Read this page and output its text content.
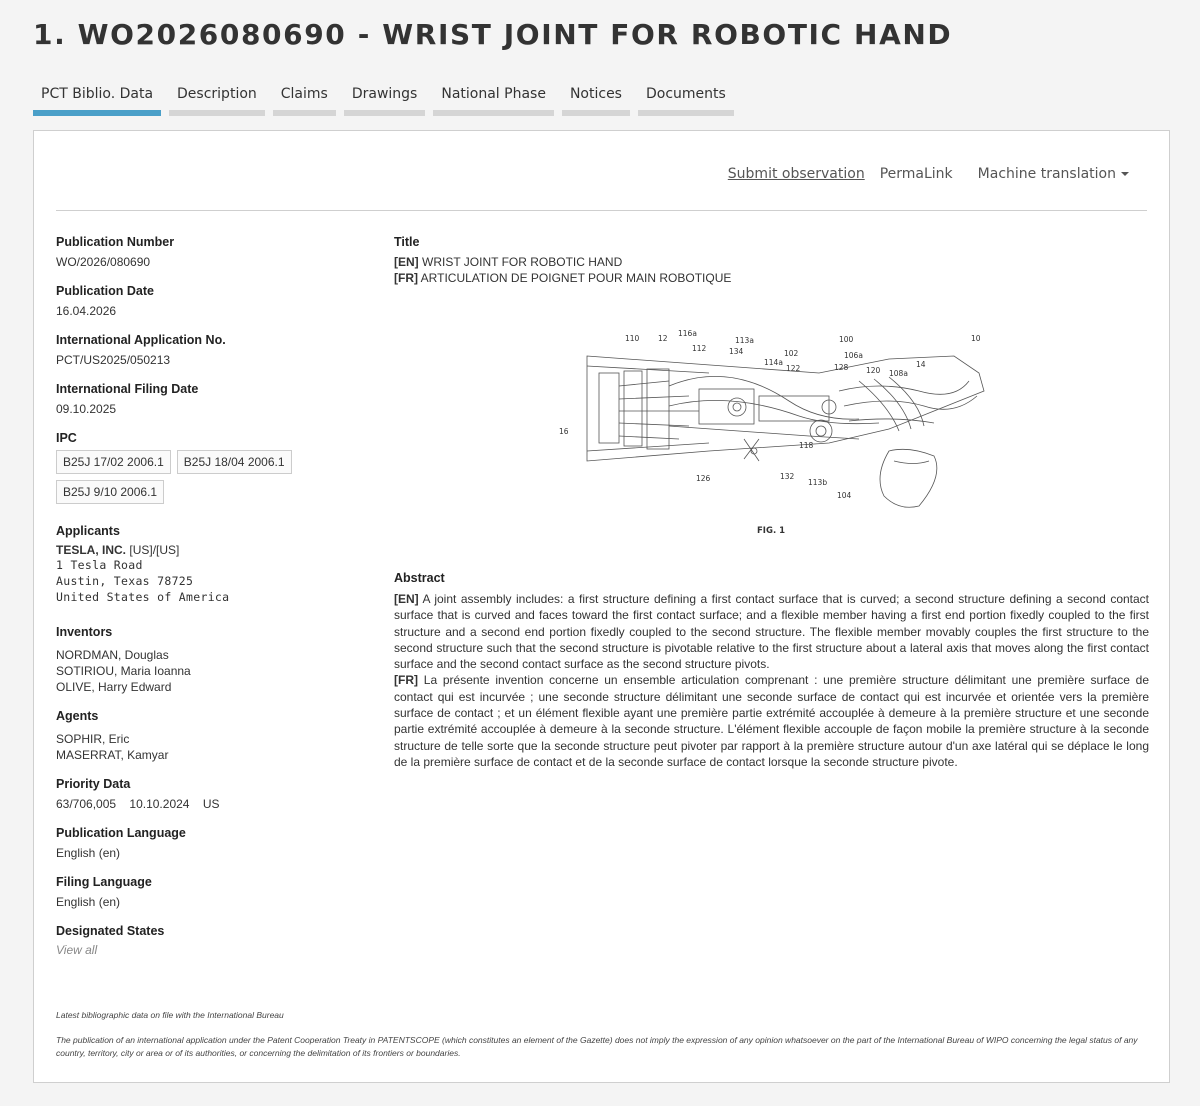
1. WO2026080690 - WRIST JOINT FOR ROBOTIC HAND
PCT Biblio. Data	Description	Claims	Drawings	National Phase	Notices	Documents
Submit observation PermaLink Machine translation
Publication Number
WO/2026/080690
Publication Date
16.04.2026
International Application No.
PCT/US2025/050213
International Filing Date
09.10.2025
IPC
B25J 17/02 2006.1	B25J 18/04 2006.1
B25J 9/10 2006.1
Applicants
TESLA, INC. [US]/[US]
1 Tesla Road
Austin, Texas 78725
United States of America
Inventors
NORDMAN, Douglas
SOTIRIOU, Maria Ioanna
OLIVE, Harry Edward
Agents
SOPHIR, Eric
MASERRAT, Kamyar
Priority Data
63/706,005 10.10.2024 US
Publication Language
English (en)
Filing Language
English (en)
Designated States
View all
Title
[EN] WRIST JOINT FOR ROBOTIC HAND
[FR] ARTICULATION DE POIGNET POUR MAIN ROBOTIQUE
110 12
116a
112
113a
134
100
102	106a
10
114a
122	128 120 108a
14
16
118
126	132
113b
104
FIG. 1
Abstract

[EN] A joint assembly includes: a first structure defining a first contact surface that is curved; a second structure defining a second contact surface that is curved and faces toward the first contact surface; and a flexible member having a first end portion fixedly coupled to the first structure and a second end portion fixedly coupled to the second structure. The flexible member movably couples the first structure to the second structure such that the second structure is pivotable relative to the first structure about a lateral axis that moves along the first contact surface and the second contact surface as the second structure pivots.

[FR] La présente invention concerne un ensemble articulation comprenant : une première structure délimitant une première surface de contact qui est incurvée ; une seconde structure délimitant une seconde surface de contact qui est incurvée et orientée vers la première surface de contact ; et un élément flexible ayant une première partie extrémité accouplée à demeure à la première structure et une seconde partie extrémité accouplée à demeure à la seconde structure. L'élément flexible accouple de façon mobile la première structure à la seconde structure de telle sorte que la seconde structure peut pivoter par rapport à la première structure autour d'un axe latéral qui se déplace le long de la première surface de contact et de la seconde surface de contact lorsque la seconde structure pivote.

Latest bibliographic data on file with the International Bureau
The publication of an international application under the Patent Cooperation Treaty in PATENTSCOPE (which constitutes an element of the Gazette) does not imply the expression of any opinion whatsoever on the part of the International Bureau of WIPO concerning the legal status of any country, territory, city or area or of its authorities, or concerning the delimitation of its frontiers or boundaries.
